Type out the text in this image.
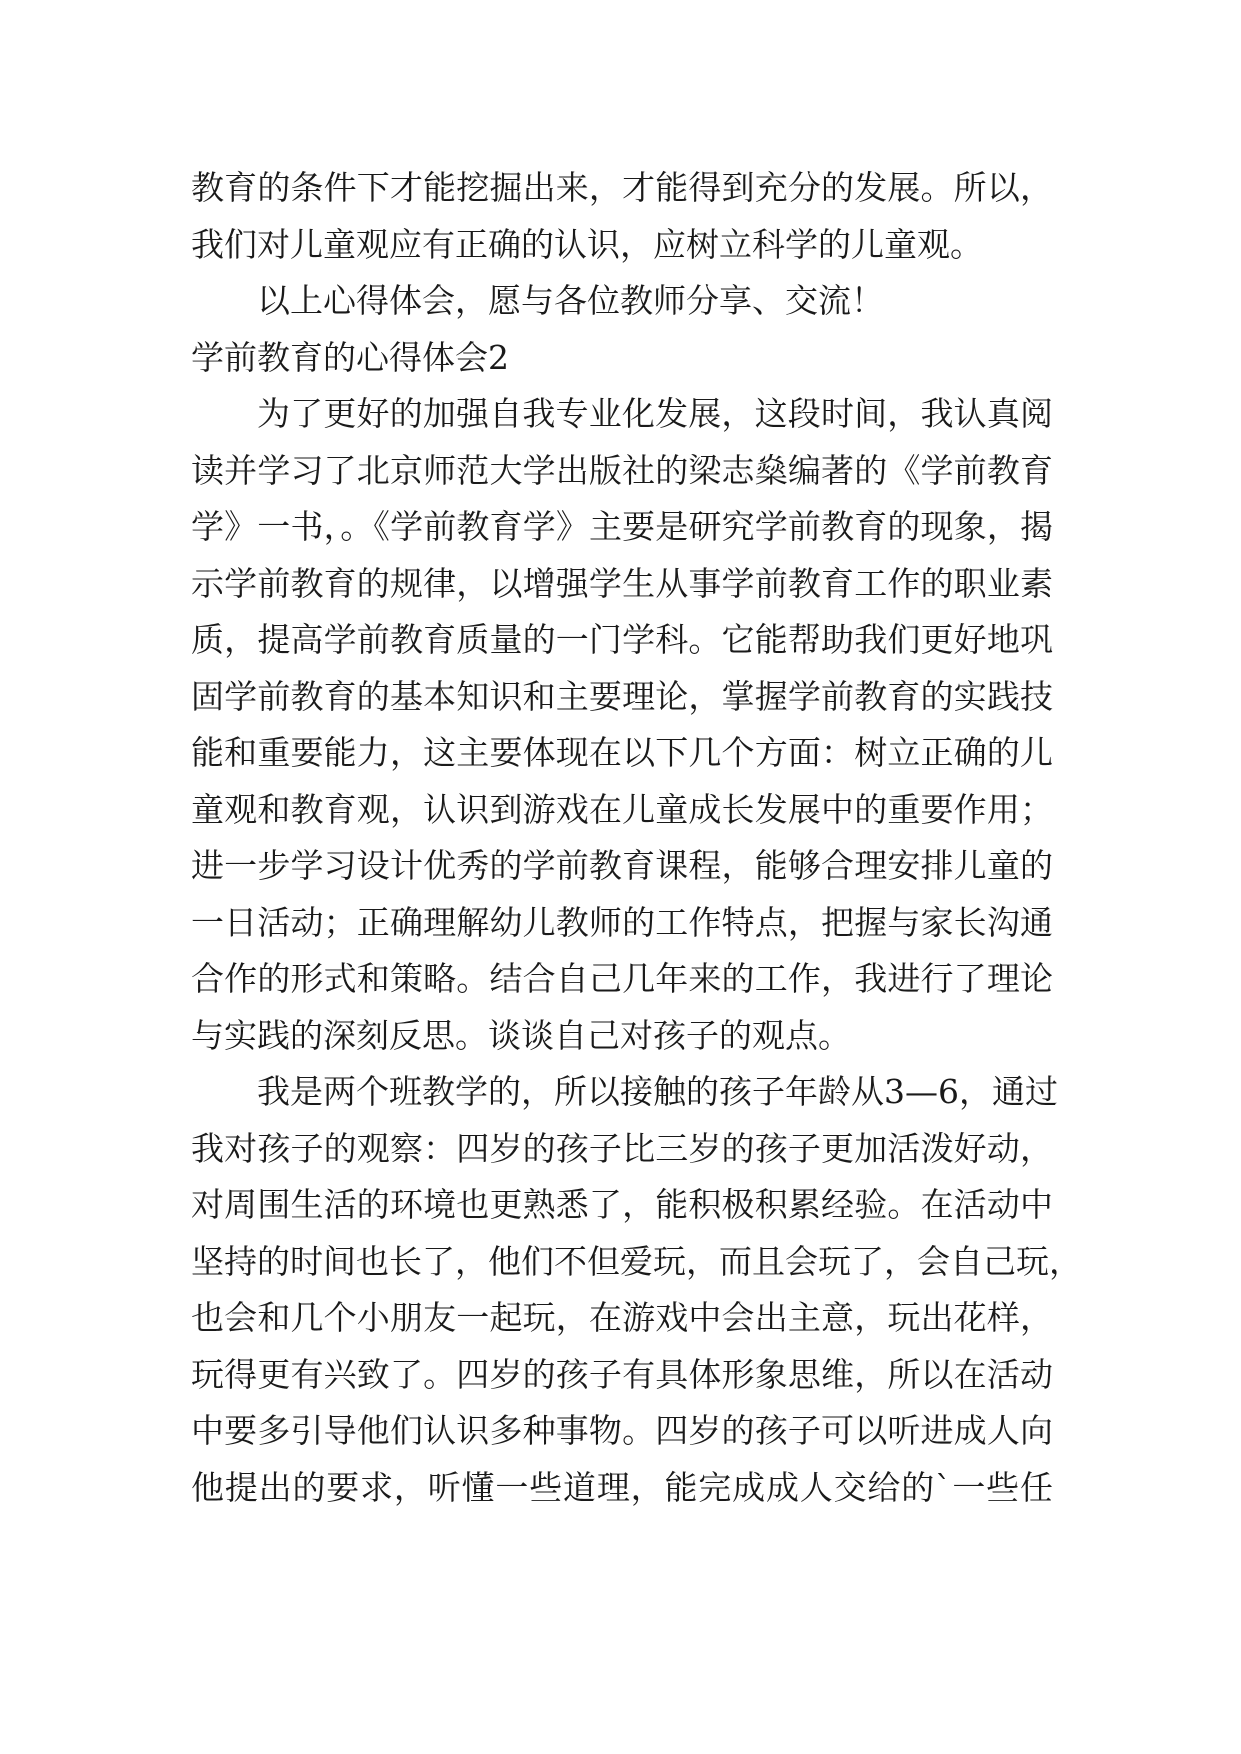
教育的条件下才能挖掘出来，才能得到充分的发展。所以，
我们对儿童观应有正确的认识，应树立科学的儿童观。
以上心得体会，愿与各位教师分享、交流！
学前教育的心得体会2
为了更好的加强自我专业化发展，这段时间，我认真阅
读并学习了北京师范大学出版社的梁志燊编著的《学前教育
学》一书，。《学前教育学》主要是研究学前教育的现象，揭
示学前教育的规律，以增强学生从事学前教育工作的职业素
质，提高学前教育质量的一门学科。它能帮助我们更好地巩
固学前教育的基本知识和主要理论，掌握学前教育的实践技
能和重要能力，这主要体现在以下几个方面：树立正确的儿
童观和教育观，认识到游戏在儿童成长发展中的重要作用；
进一步学习设计优秀的学前教育课程，能够合理安排儿童的
一日活动；正确理解幼儿教师的工作特点，把握与家长沟通
合作的形式和策略。结合自己几年来的工作，我进行了理论
与实践的深刻反思。谈谈自己对孩子的观点。
我是两个班教学的，所以接触的孩子年龄从3—6，通过
我对孩子的观察：四岁的孩子比三岁的孩子更加活泼好动，
对周围生活的环境也更熟悉了，能积极积累经验。在活动中
坚持的时间也长了，他们不但爱玩，而且会玩了，会自己玩，
也会和几个小朋友一起玩，在游戏中会出主意，玩出花样，
玩得更有兴致了。四岁的孩子有具体形象思维，所以在活动
中要多引导他们认识多种事物。四岁的孩子可以听进成人向
他提出的要求，听懂一些道理，能完成成人交给的`一些任
